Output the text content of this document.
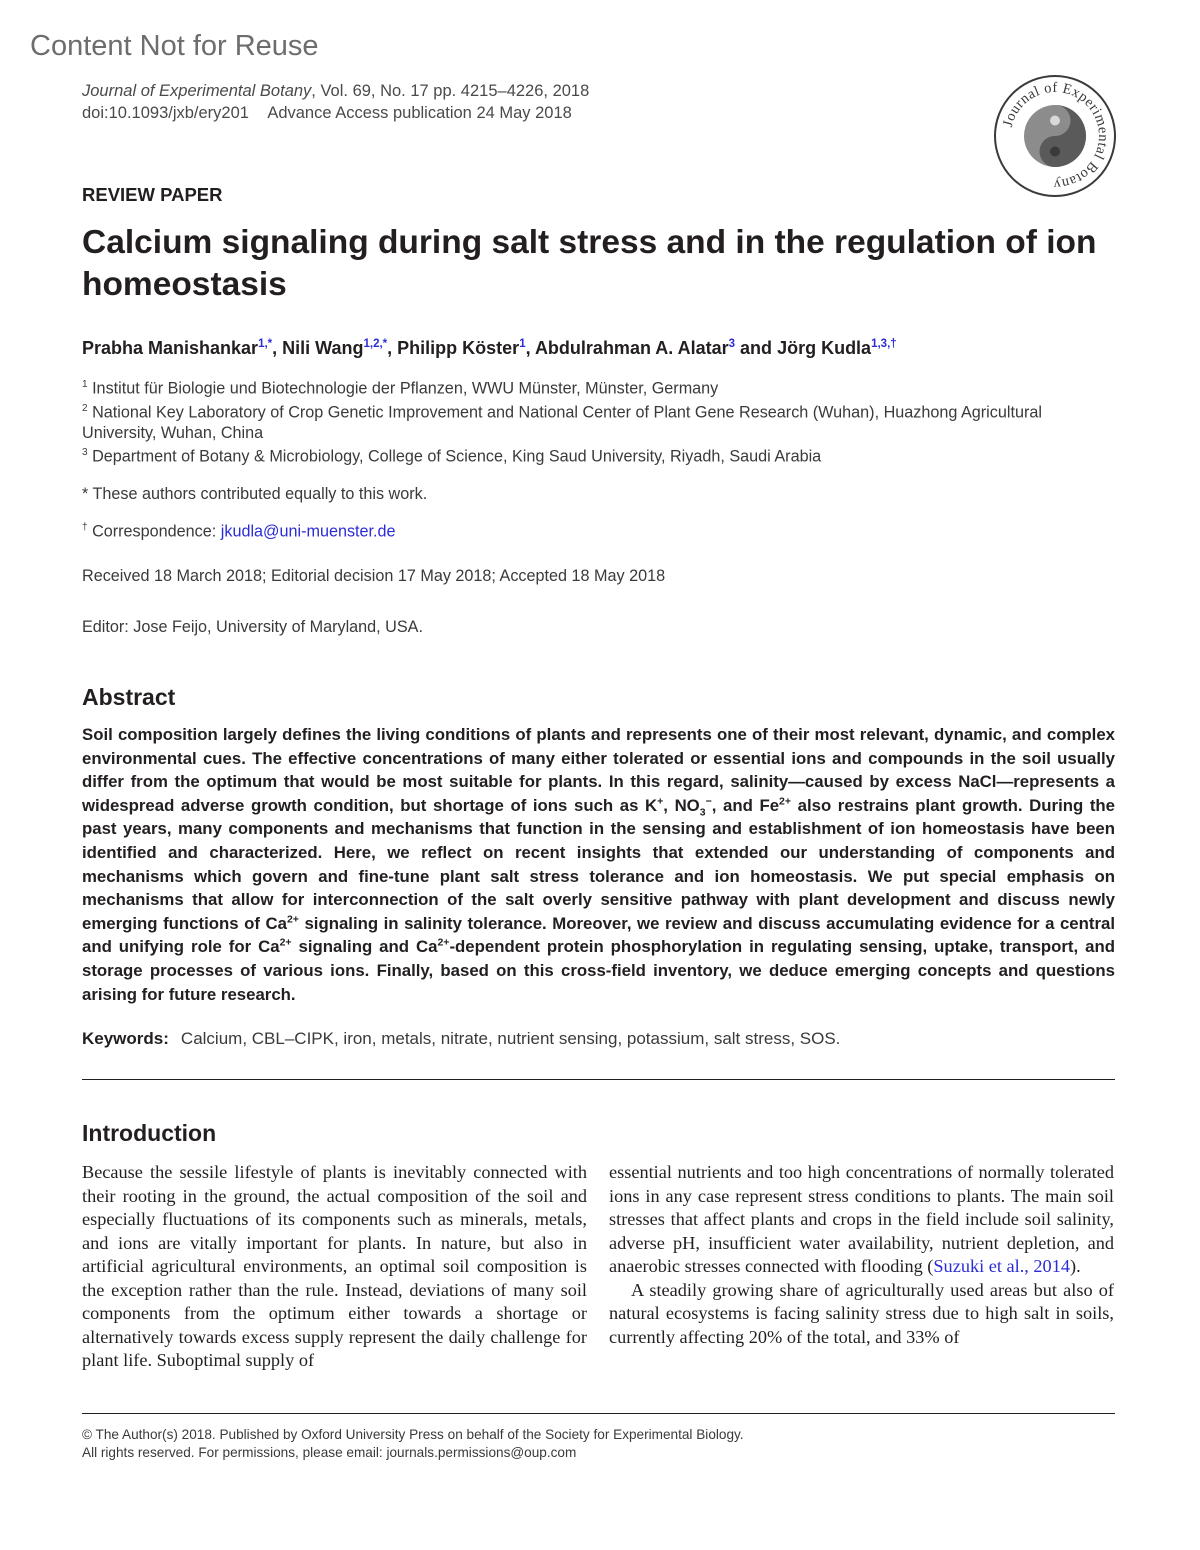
Content Not for Reuse
Journal of Experimental Botany, Vol. 69, No. 17 pp. 4215–4226, 2018
doi:10.1093/jxb/ery201 Advance Access publication 24 May 2018
Journal of Experimental Botany
REVIEW PAPER
Calcium signaling during salt stress and in the regulation of ion homeostasis
Prabha Manishankar$^{1,*}$, Nili Wang$^{1,2,*}$, Philipp Köster$^1$, Abdulrahman A. Alatar$^3$ and Jörg Kudla$^{1,3,\dagger}$
$^1$ Institut für Biologie und Biotechnologie der Pflanzen, WWU Münster, Münster, Germany
$^2$ National Key Laboratory of Crop Genetic Improvement and National Center of Plant Gene Research (Wuhan), Huazhong Agricultural University, Wuhan, China
$^3$ Department of Botany & Microbiology, College of Science, King Saud University, Riyadh, Saudi Arabia
* These authors contributed equally to this work.
† Correspondence: jkudla@uni-muenster.de
Received 18 March 2018; Editorial decision 17 May 2018; Accepted 18 May 2018
Editor: Jose Feijo, University of Maryland, USA.
Abstract
Soil composition largely defines the living conditions of plants and represents one of their most relevant, dynamic, and complex environmental cues. The effective concentrations of many either tolerated or essential ions and compounds in the soil usually differ from the optimum that would be most suitable for plants. In this regard, salinity—caused by excess NaCl—represents a widespread adverse growth condition, but shortage of ions such as K+, $NO_3^-$, and $Fe^{2+}$ also restrains plant growth. During the past years, many components and mechanisms that function in the sensing and establishment of ion homeostasis have been identified and characterized. Here, we reflect on recent insights that extended our understanding of components and mechanisms which govern and fine-tune plant salt stress tolerance and ion homeostasis. We put special emphasis on mechanisms that allow for interconnection of the salt overly sensitive pathway with plant development and discuss newly emerging functions of $Ca^{2+}$ signaling in salinity tolerance. Moreover, we review and discuss accumulating evidence for a central and unifying role for $Ca^{2+}$ signaling and $Ca^{2+}$-dependent protein phosphorylation in regulating sensing, uptake, transport, and storage processes of various ions. Finally, based on this cross-field inventory, we deduce emerging concepts and questions arising for future research.
Keywords: Calcium, CBL–CIPK, iron, metals, nitrate, nutrient sensing, potassium, salt stress, SOS.
Introduction
Because the sessile lifestyle of plants is inevitably connected with their rooting in the ground, the actual composition of the soil and especially fluctuations of its components such as minerals, metals, and ions are vitally important for plants. In nature, but also in artificial agricultural environments, an optimal soil composition is the exception rather than the rule. Instead, deviations of many soil components from the optimum either towards a shortage or alternatively towards excess supply represent the daily challenge for plant life. Suboptimal supply of
essential nutrients and too high concentrations of normally tolerated ions in any case represent stress conditions to plants. The main soil stresses that affect plants and crops in the field include soil salinity, adverse pH, insufficient water availability, nutrient depletion, and anaerobic stresses connected with flooding (Suzuki et al., 2014).
A steadily growing share of agriculturally used areas but also of natural ecosystems is facing salinity stress due to high salt in soils, currently affecting 20% of the total, and 33% of
© The Author(s) 2018. Published by Oxford University Press on behalf of the Society for Experimental Biology.
All rights reserved. For permissions, please email: journals.permissions@oup.com
